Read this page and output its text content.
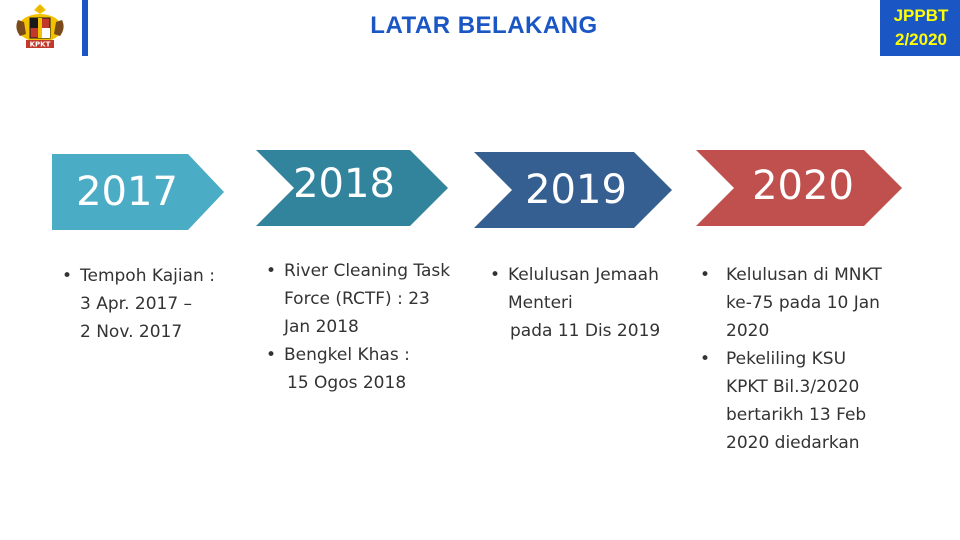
KPKT
LATAR BELAKANG	JPPBT
2/2020
2017	2018	2019	2020
• Tempoh Kajian :
3 Apr. 2017 –
2 Nov. 2017
• River Cleaning Task
Force (RCTF) : 23
Jan 2018
• Bengkel Khas :
15 Ogos 2018
• Kelulusan Jemaah
Menteri
pada 11 Dis 2019
• Kelulusan di MNKT
ke-75 pada 10 Jan
2020
• Pekeliling KSU
KPKT Bil.3/2020
bertarikh 13 Feb
2020 diedarkan
